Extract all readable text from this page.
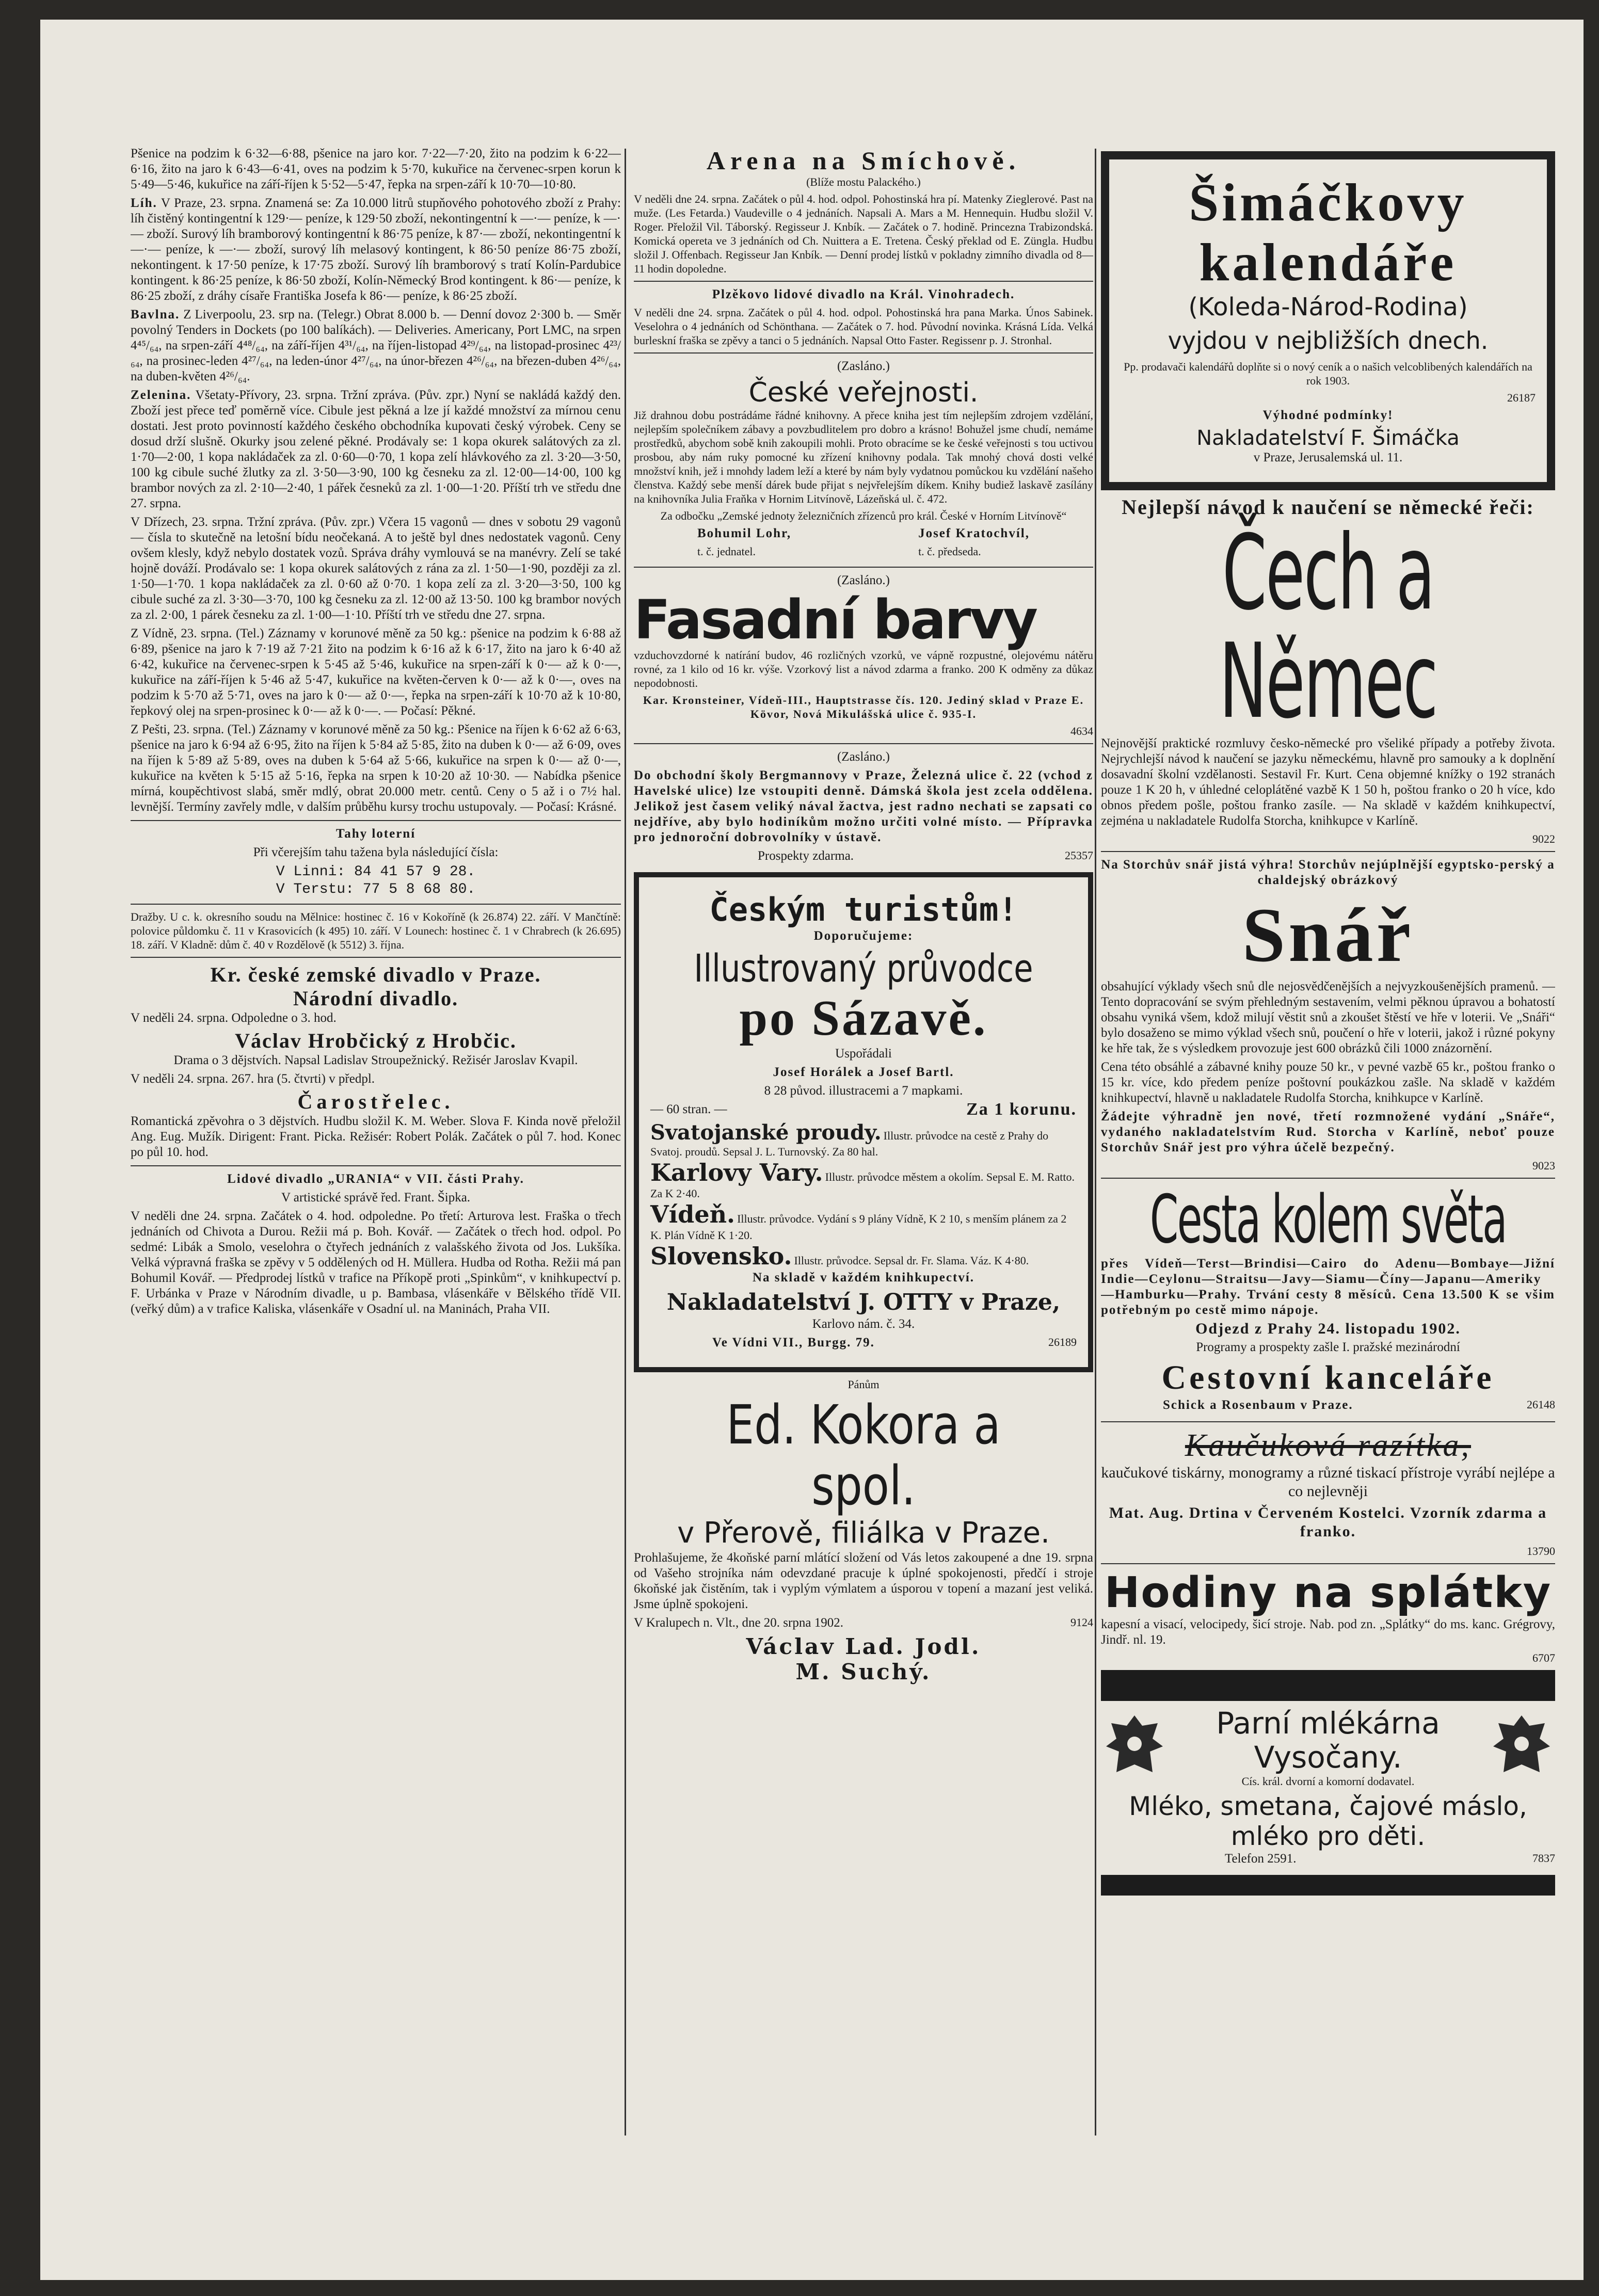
Pšenice na podzim k 6·32—6·88, pšenice na jaro kor. 7·22—7·20, žito na podzim k 6·22—6·16, žito na jaro k 6·43—6·41, oves na podzim k 5·70, kukuřice na červenec-srpen korun k 5·49—5·46, kukuřice na září-říjen k 5·52—5·47, řepka na srpen-září k 10·70—10·80.

Líh. V Praze, 23. srpna. Znamená se: Za 10.000 litrů stupňového pohotového zboží z Prahy: líh čistěný kontingentní k 129·— peníze, k 129·50 zboží, nekontingentní k —·— peníze, k —·— zboží. Surový líh bramborový kontingentní k 86·75 peníze, k 87·— zboží, nekontingentní k —·— peníze, k —·— zboží, surový líh melasový kontingent, k 86·50 peníze 86·75 zboží, nekontingent. k 17·50 peníze, k 17·75 zboží. Surový líh bramborový s tratí Kolín-Pardubice kontingent. k 86·25 peníze, k 86·50 zboží, Kolín-Německý Brod kontingent. k 86·— peníze, k 86·25 zboží, z dráhy císaře Františka Josefa k 86·— peníze, k 86·25 zboží.

Bavlna. Z Liverpoolu, 23. srp na. (Telegr.) Obrat 8.000 b. — Denní dovoz 2·300 b. — Směr povolný Tenders in Dockets (po 100 balíkách). — Deliveries. Americany, Port LMC, na srpen 4⁴⁵/₆₄, na srpen-září 4⁴⁸/₆₄, na září-říjen 4³¹/₆₄, na říjen-listopad 4²⁹/₆₄, na listopad-prosinec 4²³/₆₄, na prosinec-leden 4²⁷/₆₄, na leden-únor 4²⁷/₆₄, na únor-březen 4²⁶/₆₄, na březen-duben 4²⁶/₆₄, na duben-květen 4²⁶/₆₄.

Zelenina. Všetaty-Přívory, 23. srpna. Tržní zpráva. (Pův. zpr.) Nyní se nakládá každý den. Zboží jest přece teď poměrně více. Cibule jest pěkná a lze jí každé množství za mírnou cenu dostati. Jest proto povinností každého českého obchodníka kupovati český výrobek. Ceny se dosud drží slušně. Okurky jsou zelené pěkné. Prodávaly se: 1 kopa okurek salátových za zl. 1·70—2·00, 1 kopa nakládaček za zl. 0·60—0·70, 1 kopa zelí hlávkového za zl. 3·20—3·50, 100 kg cibule suché žlutky za zl. 3·50—3·90, 100 kg česneku za zl. 12·00—14·00, 100 kg brambor nových za zl. 2·10—2·40, 1 pářek česneků za zl. 1·00—1·20. Příští trh ve středu dne 27. srpna.

V Dřízech, 23. srpna. Tržní zpráva. (Pův. zpr.) Včera 15 vagonů — dnes v sobotu 29 vagonů — čísla to skutečně na letošní bídu neočekaná. A to ještě byl dnes nedostatek vagonů. Ceny ovšem klesly, když nebylo dostatek vozů. Správa dráhy vymlouvá se na manévry. Zelí se také hojně dováží. Prodávalo se: 1 kopa okurek salátových z rána za zl. 1·50—1·90, později za zl. 1·50—1·70. 1 kopa nakládaček za zl. 0·60 až 0·70. 1 kopa zelí za zl. 3·20—3·50, 100 kg cibule suché za zl. 3·30—3·70, 100 kg česneku za zl. 12·00 až 13·50. 100 kg brambor nových za zl. 2·00, 1 párek česneku za zl. 1·00—1·10. Příští trh ve středu dne 27. srpna.

Z Vídně, 23. srpna. (Tel.) Záznamy v korunové měně za 50 kg.: pšenice na podzim k 6·88 až 6·89, pšenice na jaro k 7·19 až 7·21 žito na podzim k 6·16 až k 6·17, žito na jaro k 6·40 až 6·42, kukuřice na červenec-srpen k 5·45 až 5·46, kukuřice na srpen-září k 0·— až k 0·—, kukuřice na září-říjen k 5·46 až 5·47, kukuřice na květen-červen k 0·— až k 0·—, oves na podzim k 5·70 až 5·71, oves na jaro k 0·— až 0·—, řepka na srpen-září k 10·70 až k 10·80, řepkový olej na srpen-prosinec k 0·— až k 0·—. — Počasí: Pěkné.

Z Pešti, 23. srpna. (Tel.) Záznamy v korunové měně za 50 kg.: Pšenice na říjen k 6·62 až 6·63, pšenice na jaro k 6·94 až 6·95, žito na říjen k 5·84 až 5·85, žito na duben k 0·— až 6·09, oves na říjen k 5·89 až 5·89, oves na duben k 5·64 až 5·66, kukuřice na srpen k 0·— až 0·—, kukuřice na květen k 5·15 až 5·16, řepka na srpen k 10·20 až 10·30. — Nabídka pšenice mírná, koupěchtivost slabá, směr mdlý, obrat 20.000 metr. centů. Ceny o 5 až i o 7½ hal. levnější. Termíny zavřely mdle, v dalším průběhu kursy trochu ustupovaly. — Počasí: Krásné.

Tahy loterní
Při včerejším tahu tažena byla následující čísla:
V Linni: 84 41 57 9 28.
V Terstu: 77 5 8 68 80.

Dražby. U c. k. okresního soudu na Mělnice: hostinec č. 16 v Kokoříně (k 26.874) 22. září. V Mančtíně: polovice půldomku č. 11 v Krasovicích (k 495) 10. září. V Lounech: hostinec č. 1 v Chrabrech (k 26.695) 18. září. V Kladně: dům č. 40 v Rozdělově (k 5512) 3. října.

Kr. české zemské divadlo v Praze.
Národní divadlo.
V neděli 24. srpna. Odpoledne o 3. hod.
Václav Hrobčický z Hrobčic.
Drama o 3 dějstvích. Napsal Ladislav Stroupežnický. Režisér Jaroslav Kvapil.
V neděli 24. srpna. 267. hra (5. čtvrti) v předpl.
Čarostřelec.

Romantická zpěvohra o 3 dějstvích. Hudbu složil K. M. Weber. Slova F. Kinda nově přeložil Ang. Eug. Mužík. Dirigent: Frant. Picka. Režisér: Robert Polák. Začátek o půl 7. hod. Konec po půl 10. hod.

Lidové divadlo „URANIA“ v VII. části Prahy.
V artistické správě řed. Frant. Šipka.

V neděli dne 24. srpna. Začátek o 4. hod. odpoledne. Po třetí: Arturova lest. Fraška o třech jednáních od Chivota a Durou. Režii má p. Boh. Kovář. — Začátek o třech hod. odpol. Po sedmé: Libák a Smolo, veselohra o čtyřech jednáních z valašského života od Jos. Lukšíka. Velká výpravná fraška se zpěvy v 5 oddělených od H. Müllera. Hudba od Rotha. Režii má pan Bohumil Kovář. — Předprodej lístků v trafice na Příkopě proti „Spinkům“, v knihkupectví p. F. Urbánka v Praze v Národním divadle, u p. Bambasa, vlásenkáře v Bělského třídě VII. (veřký dům) a v trafice Kaliska, vlásenkáře v Osadní ul. na Maninách, Praha VII.

Arena na Smíchově.
(Blíže mostu Palackého.)

V neděli dne 24. srpna. Začátek o půl 4. hod. odpol. Pohostinská hra pí. Matenky Zieglerové. Past na muže. (Les Fetarda.) Vaudeville o 4 jednáních. Napsali A. Mars a M. Hennequin. Hudbu složil V. Roger. Přeložil Vil. Táborský. Regisseur J. Knbík. — Začátek o 7. hodině. Princezna Trabizondská. Komická opereta ve 3 jednáních od Ch. Nuittera a E. Tretena. Český překlad od E. Züngla. Hudbu složil J. Offenbach. Regisseur Jan Knbík. — Denní prodej lístků v pokladny zimního divadla od 8—11 hodin dopoledne.

Plzěkovo lidové divadlo na Král. Vinohradech.

V neděli dne 24. srpna. Začátek o půl 4. hod. odpol. Pohostinská hra pana Marka. Únos Sabinek. Veselohra o 4 jednáních od Schönthana. — Začátek o 7. hod. Původní novinka. Krásná Lída. Velká burleskní fraška se zpěvy a tanci o 5 jednáních. Napsal Otto Faster. Regissenr p. J. Stronhal.

(Zasláno.)
České veřejnosti.

Již drahnou dobu postrádáme řádné knihovny. A přece kniha jest tím nejlepším zdrojem vzdělání, nejlepším společníkem zábavy a povzbudlitelem pro dobro a krásno! Bohužel jsme chudí, nemáme prostředků, abychom sobě knih zakoupili mohli. Proto obracíme se ke české veřejnosti s tou uctivou prosbou, aby nám ruky pomocné ku zřízení knihovny podala. Tak mnohý chová dosti velké množství knih, jež i mnohdy ladem leží a které by nám byly vydatnou pomůckou ku vzdělání našeho členstva. Každý sebe menší dárek bude přijat s nejvřelejším díkem. Knihy budiež laskavě zasílány na knihovníka Julia Fraňka v Hornim Litvínově, Lázeňská ul. č. 472.

Za odbočku „Zemské jednoty železničních zřízenců pro král. České v Horním Litvínově“

Bohumil Lohr,
t. č. jednatel.
Josef Kratochvíl,
t. č. předseda.
(Zasláno.)
Fasadní barvy

vzduchovzdorné k natírání budov, 46 rozličných vzorků, ve vápně rozpustné, olejovému nátěru rovné, za 1 kilo od 16 kr. výše. Vzorkový list a návod zdarma a franko. 200 K odměny za důkaz nepodobnosti.

Kar. Kronsteiner, Vídeň-III., Hauptstrasse čís. 120. Jediný sklad v Praze E. Kövor, Nová Mikulášská ulice č. 935-I.

4634
(Zasláno.)

Do obchodní školy Bergmannovy v Praze, Železná ulice č. 22 (vchod z Havelské ulice) lze vstoupiti denně. Dámská škola jest zcela oddělena. Jelikož jest časem veliký nával žactva, jest radno nechati se zapsati co nejdříve, aby bylo hodiníkům možno určiti volné místo. — Přípravka pro jednoroční dobrovolníky v ústavě.

Prospekty zdarma.	25357
Českým turistům!
Doporučujeme:
Illustrovaný průvodce
po Sázavě.
Uspořádali
Josef Horálek a Josef Bartl.
8 28 původ. illustracemi a 7 mapkami.
— 60 stran. —	Za 1 korunu.
Svatojanské proudy. Illustr. průvodce na cestě z Prahy do Svatoj. proudů. Sepsal J. L. Turnovský. Za 80 hal.
Karlovy Vary. Illustr. průvodce městem a okolím. Sepsal E. M. Ratto. Za K 2·40.
Vídeň. Illustr. průvodce. Vydání s 9 plány Vídně, K 2 10, s menším plánem za 2 K. Plán Vídně K 1·20.
Slovensko. Illustr. průvodce. Sepsal dr. Fr. Slama. Váz. K 4·80.
Na skladě v každém knihkupectví.
Nakladatelství J. OTTY v Praze,
Karlovo nám. č. 34.
Ve Vídni VII., Burgg. 79.	26189
Pánům
Ed. Kokora a spol.
v Přerově, filiálka v Praze.

Prohlašujeme, že 4koňské parní mlátící složení od Vás letos zakoupené a dne 19. srpna od Vašeho strojníka nám odevzdané pracuje k úplné spokojenosti, předčí i stroje 6koňské jak čistěním, tak i vyplým výmlatem a úsporou v topení a mazaní jest veliká. Jsme úplně spokojeni.

V Kralupech n. Vlt., dne 20. srpna 1902.	9124
Václav Lad. Jodl.
M. Suchý.
Šimáčkovy
kalendáře
(Koleda-Národ-Rodina)
vyjdou v nejbližších dnech.

Pp. prodavači kalendářů doplňte si o nový ceník a o našich velcoblibených kalendářích na rok 1903.

26187
Výhodné podmínky!
Nakladatelství F. Šimáčka
v Praze, Jerusalemská ul. 11.
Nejlepší návod k naučení se německé řeči:
Čech a Němec

Nejnovější praktické rozmluvy česko-německé pro všeliké případy a potřeby života. Nejrychlejší návod k naučení se jazyku německému, hlavně pro samouky a k doplnění dosavadní školní vzdělanosti. Sestavil Fr. Kurt. Cena objemné knížky o 192 stranách pouze 1 K 20 h, v úhledné celoplátěné vazbě K 1 50 h, poštou franko o 20 h více, kdo obnos předem pošle, poštou franko zasíle. — Na skladě v každém knihkupectví, zejména u nakladatele Rudolfa Storcha, knihkupce v Karlíně.

9022
Na Storchův snář jistá výhra! Storchův nejúplnější egyptsko-perský a chaldejský obrázkový
Snář

obsahující výklady všech snů dle nejosvědčenějších a nejvyzkoušenějších pramenů. — Tento dopracování se svým přehledným sestavením, velmi pěknou úpravou a bohatostí obsahu vyniká všem, kdož milují věstit snů a zkoušet štěstí ve hře v loterii. Ve „Snáři“ bylo dosaženo se mimo výklad všech snů, poučení o hře v loterii, jakož i různé pokyny ke hře tak, že s výsledkem provozuje jest 600 obrázků čili 1000 znázornění.

Cena této obsáhlé a zábavné knihy pouze 50 kr., v pevné vazbě 65 kr., poštou franko o 15 kr. více, kdo předem peníze poštovní poukázkou zašle. Na skladě v každém knihkupectví, hlavně u nakladatele Rudolfa Storcha, knihkupce v Karlíně.

Žádejte výhradně jen nové, třetí rozmnožené vydání „Snáře“, vydaného nakladatelstvím Rud. Storcha v Karlíně, neboť pouze Storchův Snář jest pro výhra účelě bezpečný.

9023
Cesta kolem světa

přes Vídeň—Terst—Brindisi—Cairo do Adenu—Bombaye—Jižní Indie—Ceylonu—Straitsu—Javy—Siamu—Číny—Japanu—Ameriky—Hamburku—Prahy. Trvání cesty 8 měsíců. Cena 13.500 K se všim potřebným po cestě mimo nápoje.

Odjezd z Prahy 24. listopadu 1902.
Programy a prospekty zašle I. pražské mezinárodní
Cestovní kanceláře
Schick a Rosenbaum v Praze.	26148
Kaučuková razítka,

kaučukové tiskárny, monogramy a různé tiskací přístroje vyrábí nejlépe a co nejlevněji

Mat. Aug. Drtina v Červeném Kostelci. Vzorník zdarma a franko.

13790
Hodiny na splátky

kapesní a visací, velocipedy, šicí stroje. Nab. pod zn. „Splátky“ do ms. kanc. Grégrovy, Jindř. nl. 19.

6707
Parní mlékárna
Vysočany.
Cís. král. dvorní a komorní dodavatel.
Mléko, smetana, čajové máslo,
mléko pro děti.
Telefon 2591.	7837
